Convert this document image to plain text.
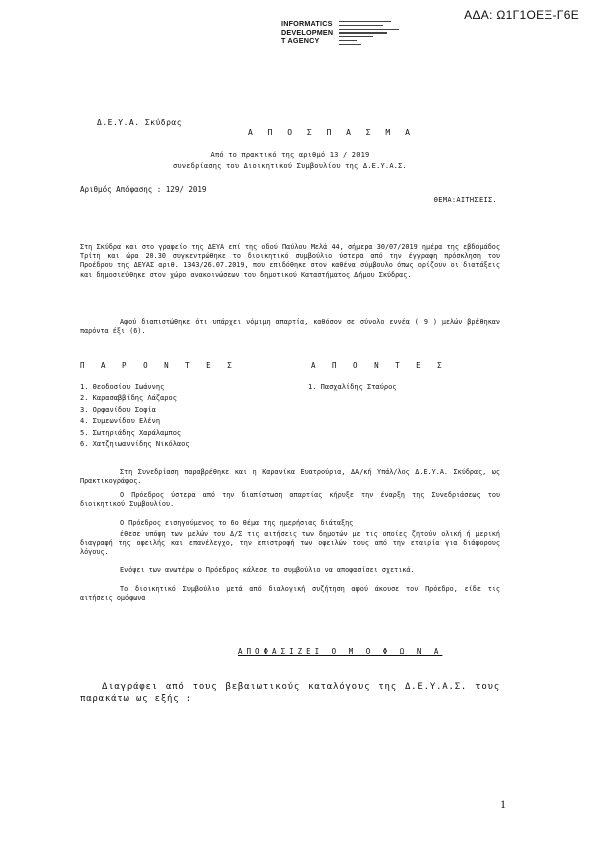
ΑΔΑ: Ω1Γ1ΟΕΞ-Γ6Ε
INFORMATICS
DEVELOPMEN
T AGENCY
Δ.Ε.Υ.Α. Σκύδρας
Α Π Ο Σ Π Α Σ Μ Α
Από το πρακτικό της αριθμό 13 / 2019
συνεδρίασης του Διοικητικού Συμβουλίου της Δ.Ε.Υ.Α.Σ.
Αριθμός Απόφασης : 129/ 2019
ΘΕΜΑ:ΑΙΤΗΣΕΙΣ.
Στη Σκύδρα και στο γραφείο της ΔΕΥΑ επί της οδού Παύλου Μελά 44, σήμερα 30/07/2019 ημέρα της εβδομάδος Τρίτη και ώρα 20.30 συγκεντρώθηκε το διοικητικό συμβούλιο ύστερα από την έγγραφη πρόσκληση του Προέδρου της ΔΕΥΑΣ αριθ. 1343/26.07.2019, που επιδόθηκε στον καθένα σύμβουλο όπως ορίζουν οι διατάξεις και δημοσιεύθηκε στον χώρο ανακοινώσεων του δημοτικού Καταστήματος Δήμου Σκύδρας.
Αφού διαπιστώθηκε ότι υπάρχει νόμιμη απαρτία, καθόσον σε σύνολο εννέα ( 9 ) μελών βρέθηκαν παρόντα έξι (6).
Π Α Ρ Ο Ν Τ Ε Σ	Α Π Ο Ν Τ Ε Σ
1. Θεοδοσίου Ιωάννης
2. Καρασαββίδης Λάζαρος
3. Ορφανίδου Σοφία
4. Συμεωνίδου Ελένη
5. Σωτηριάδης Χαράλαμπος
6. Χατζηιωαννίδης Νικόλαος
1. Πασχαλίδης Σταύρος
Στη Συνεδρίαση παραβρέθηκε και η Καρανίκα Ευατρούρια, ΔΑ/κή Υπάλ/λος Δ.Ε.Υ.Α. Σκύδρας, ως Πρακτικογράφος.
Ο Πρόεδρος ύστερα από την διαπίστωση απαρτίας κήρυξε την έναρξη της Συνεδριάσεως του διοικητικού Συμβουλίου.
Ο Πρόεδρος εισηγούμενος το 6ο θέμα της ημερήσιας διάταξης
έθεσε υπόψη των μελών του Δ/Σ τις αιτήσεις των δημοτών με τις οποίες ζητούν ολική ή μερική διαγραφή της οφειλής και επανέλεγχο, την επιστροφή των οφειλών τους από την εταιρία για διάφορους λόγους.
Ενόψει των ανωτέρω ο Πρόεδρος κάλεσε το συμβούλιο να αποφασίσει σχετικά.
Το διοικητικό Συμβούλιο μετά από διαλογική συζήτηση αφού άκουσε τον Πρόεδρο, είδε τις αιτήσεις ομόφωνα
ΑΠΟΦΑΣΙΖΕΙ Ο Μ Ο Φ Ω Ν Α
Διαγράφει από τους βεβαιωτικούς καταλόγους της Δ.Ε.Υ.Α.Σ. τους παρακάτω ως εξής :
1
